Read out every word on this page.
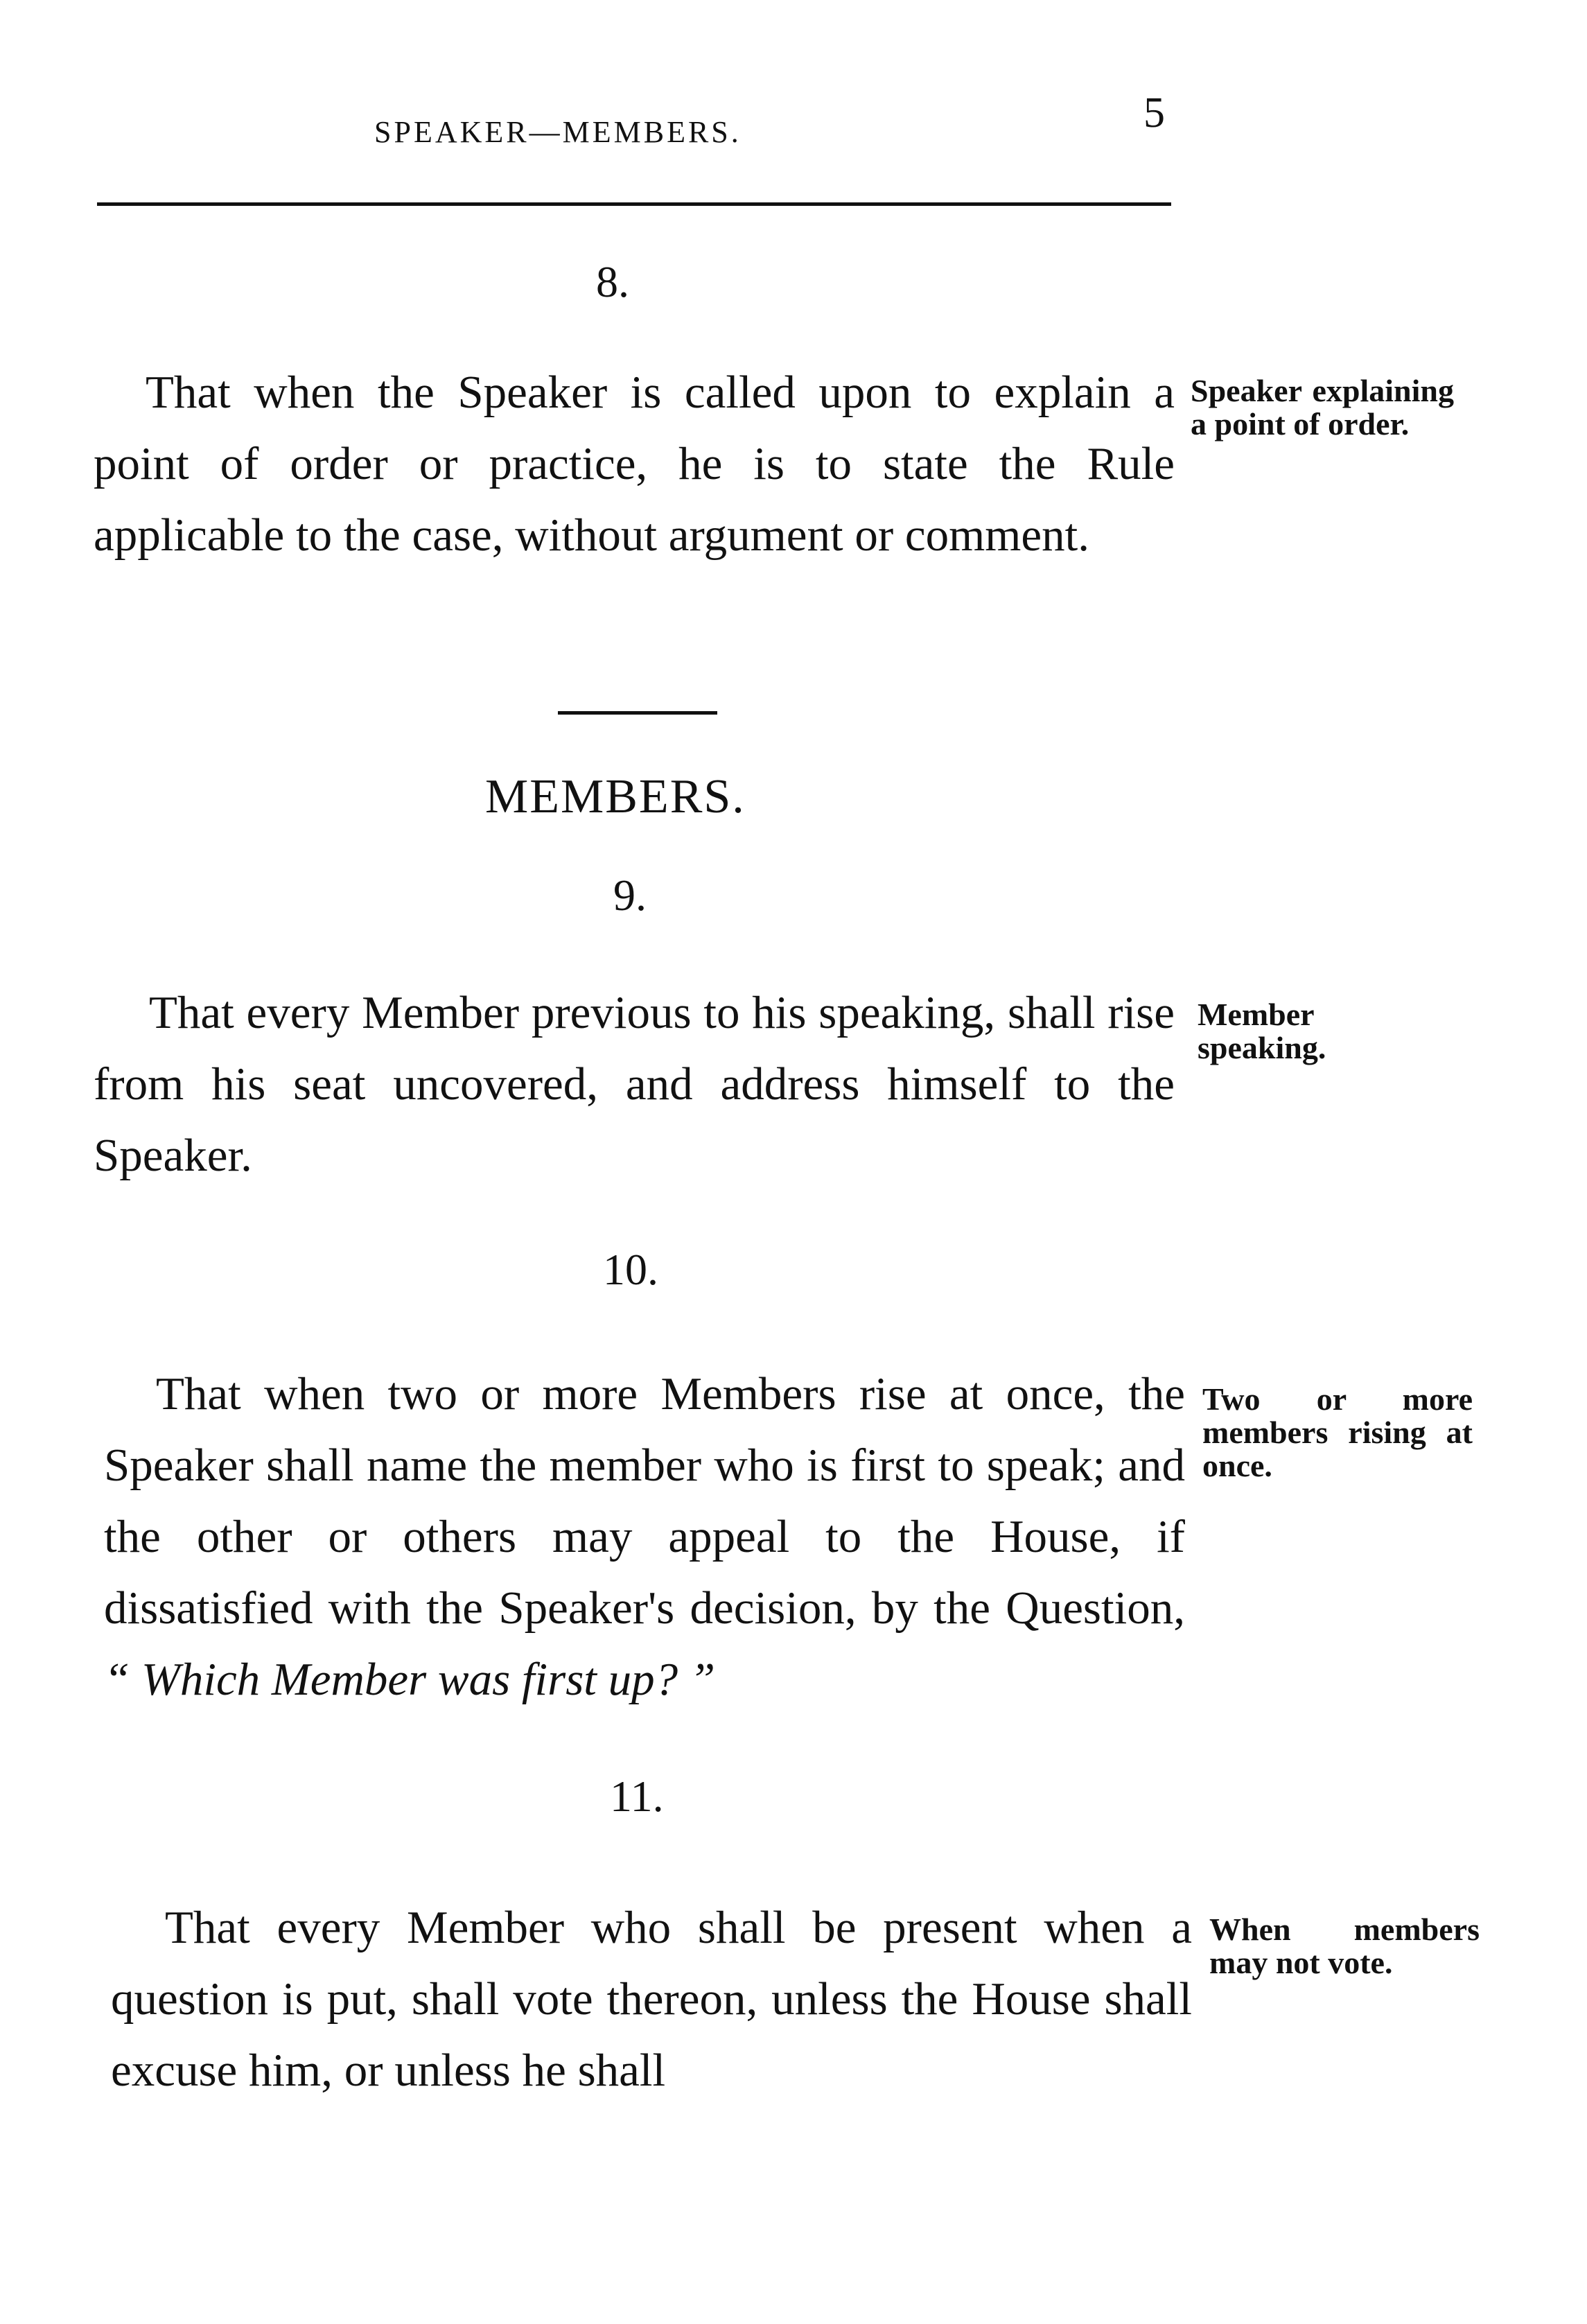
SPEAKER—MEMBERS.	5
8.
That when the Speaker is called upon to explain a point of order or practice, he is to state the Rule applicable to the case, without argument or comment.
Speaker explaining a point of order.
MEMBERS.
9.
That every Member previous to his speaking, shall rise from his seat uncovered, and address himself to the Speaker.
Member speaking.
10.
That when two or more Members rise at once, the Speaker shall name the member who is first to speak; and the other or others may appeal to the House, if dissatisfied with the Speaker's decision, by the Question, “ Which Member was first up? ”
Two or more members rising at once.
11.
That every Member who shall be present when a question is put, shall vote thereon, unless the House shall excuse him, or unless he shall
When members may not vote.
